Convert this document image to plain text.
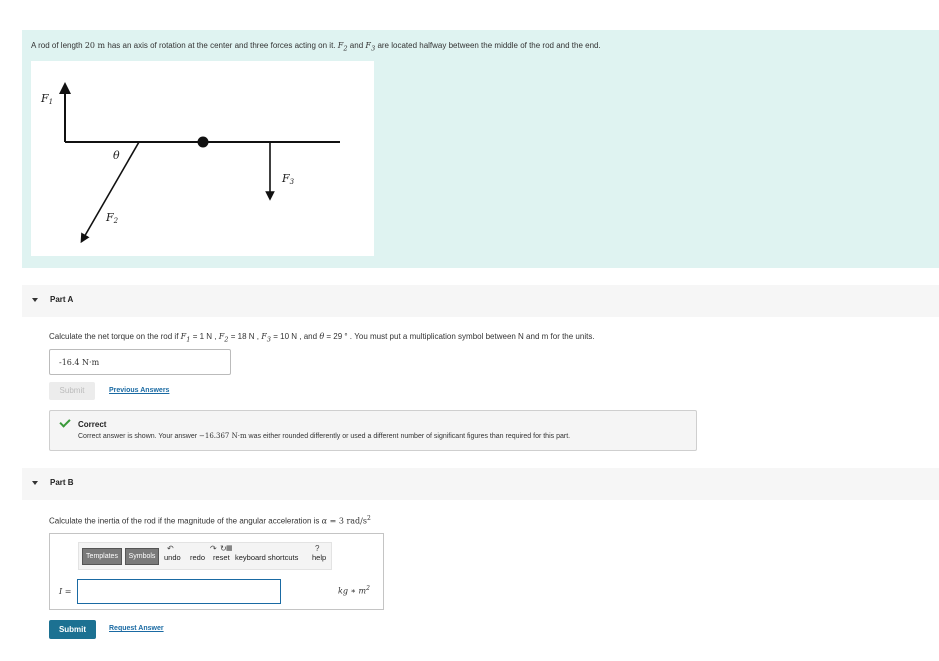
A rod of length 20 m has an axis of rotation at the center and three forces acting on it. $F_2$ and $F_3$ are located halfway between the middle of the rod and the end.
F1
θ
F2
F3
Part A
Calculate the net torque on the rod if $F_1 = 1$ N , $F_2 = 18$ N , $F_3 = 10$ N , and θ = 29 ° . You must put a multiplication symbol between N and m for the units.
-16.4 N·m
Submit	Previous Answers
Correct
Correct answer is shown. Your answer −16.367 N·m was either rounded differently or used a different number of significant figures than required for this part.
Part B
Calculate the inertia of the rod if the magnitude of the angular acceleration is α = 3 rad/$s^2$
Templates	Symbols
↶
undo
↷
redo
↻
reset
▦
keyboard shortcuts
?
help
I =	kg ∗ $m^2$
Submit	Request Answer
